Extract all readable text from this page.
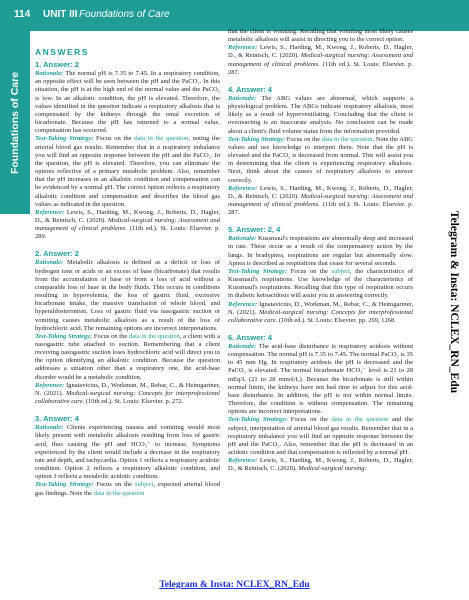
114 UNIT III Foundations of Care
Foundations of Care
ANSWERS
1. Answer: 2

Rationale: The normal pH is 7.35 to 7.45. In a respiratory condition, an opposite effect will be seen between the pH and the PaCO₂. In this situation, the pH is at the high end of the normal value and the PaCO₂ is low. In an alkalotic condition, the pH is elevated. Therefore, the values identified in the question indicate a respiratory alkalosis that is compensated by the kidneys through the renal excretion of bicarbonate. Because the pH has returned to a normal value, compensation has occurred.

Test-Taking Strategy: Focus on the data in the question, noting the arterial blood gas results. Remember that in a respiratory imbalance you will find an opposite response between the pH and the PaCO₂. In the question, the pH is elevated. Therefore, you can eliminate the options reflective of a primary metabolic problem. Also, remember that the pH increases in an alkalotic condition and compensation can be evidenced by a normal pH. The correct option reflects a respiratory alkalotic condition and compensation and describes the blood gas values as indicated in the question.

Reference: Lewis, S., Harding, M., Kwong, J., Roberts, D., Hagler, D., & Reinisch, C. (2020). Medical-surgical nursing: Assessment and management of clinical problems. (11th ed.). St. Louis: Elsevier. p. 289.

2. Answer: 2

Rationale: Metabolic alkalosis is defined as a deficit or loss of hydrogen ions or acids or an excess of base (bicarbonate) that results from the accumulation of base or from a loss of acid without a comparable loss of base in the body fluids. This occurs in conditions resulting in hypovolemia, the loss of gastric fluid, excessive bicarbonate intake, the massive transfusion of whole blood, and hyperaldosteronism. Loss of gastric fluid via nasogastric suction or vomiting causes metabolic alkalosis as a result of the loss of hydrochloric acid. The remaining options are incorrect interpretations.

Test-Taking Strategy: Focus on the data in the question, a client with a nasogastric tube attached to suction. Remembering that a client receiving nasogastric suction loses hydrochloric acid will direct you to the option identifying an alkalotic condition. Because the question addresses a situation other than a respiratory one, the acid-base disorder would be a metabolic condition.

Reference: Ignatavicius, D., Workman, M., Rebar, C., & Heimgartner, N. (2021). Medical-surgical nursing: Concepts for interprofessional collaborative care. (10th ed.). St. Louis: Elsevier. p. 272.

3. Answer: 4

Rationale: Clients experiencing nausea and vomiting would most likely present with metabolic alkalosis resulting from loss of gastric acid, thus causing the pH and HCO₃⁻ to increase. Symptoms experienced by the client would include a decrease in the respiratory rate and depth, and tachycardia. Option 1 reflects a respiratory acidotic condition. Option 2 reflects a respiratory alkalotic condition, and option 3 reflects a metabolic acidotic condition.

Test-Taking Strategy: Focus on the subject, expected arterial blood gas findings. Note the data in the question

that the client is vomiting. Recalling that vomiting most likely causes metabolic alkalosis will assist in directing you to the correct option.

Reference: Lewis, S., Harding, M., Kwong, J., Roberts, D., Hagler, D., & Reinisch, C. (2020). Medical-surgical nursing: Assessment and management of clinical problems. (11th ed.). St. Louis: Elsevier. p. 287.

4. Answer: 4

Rationale: The ABG values are abnormal, which supports a physiological problem. The ABGs indicate respiratory alkalosis, most likely as a result of hyperventilating. Concluding that the client is overreacting is an inaccurate analysis. No conclusion can be made about a client's fluid volume status from the information provided.

Test-Taking Strategy: Focus on the data in the question. Note the ABG values and use knowledge to interpret them. Note that the pH is elevated and the PaCO₂ is decreased from normal. This will assist you in determining that the client is experiencing respiratory alkalosis. Next, think about the causes of respiratory alkalosis to answer correctly.

Reference: Lewis, S., Harding, M., Kwong, J., Roberts, D., Hagler, D., & Reinisch, C. (2020). Medical-surgical nursing: Assessment and management of clinical problems. (11th ed.). St. Louis: Elsevier. p. 287.

5. Answer: 2, 4

Rationale: Kussmaul's respirations are abnormally deep and increased in rate. These occur as a result of the compensatory action by the lungs. In bradypnea, respirations are regular but abnormally slow. Apnea is described as respirations that cease for several seconds.

Test-Taking Strategy: Focus on the subject, the characteristics of Kussmaul's respirations. Use knowledge of the characteristics of Kussmaul's respirations. Recalling that this type of respiration occurs in diabetic ketoacidosis will assist you in answering correctly.

Reference: Ignatavicius, D., Workman, M., Rebar, C., & Heimgartner, N. (2021). Medical-surgical nursing: Concepts for interprofessional collaborative care. (10th ed.). St. Louis: Elsevier. pp. 269, 1268.

6. Answer: 4

Rationale: The acid-base disturbance is respiratory acidosis without compensation. The normal pH is 7.35 to 7.45. The normal PaCO₂ is 35 to 45 mm Hg. In respiratory acidosis the pH is decreased and the PaCO₂ is elevated. The normal bicarbonate HCO₃⁻ level is 21 to 28 mEq/L (21 to 28 mmol/L). Because the bicarbonate is still within normal limits, the kidneys have not had time to adjust for this acid-base disturbance. In addition, the pH is not within normal limits. Therefore, the condition is without compensation. The remaining options are incorrect interpretations.

Test-Taking Strategy: Focus on the data in the question and the subject, interpretation of arterial blood gas results. Remember that in a respiratory imbalance you will find an opposite response between the pH and the PaCO₂. Also, remember that the pH is decreased in an acidotic condition and that compensation is reflected by a normal pH.

Reference: Lewis, S., Harding, M., Kwong, J., Roberts, D., Hagler, D., & Reinisch, C. (2020). Medical-surgical nursing:

Telegram & Insta: NCLEX_RN_Edu
Telegram & Insta: NCLEX_RN_Edu
